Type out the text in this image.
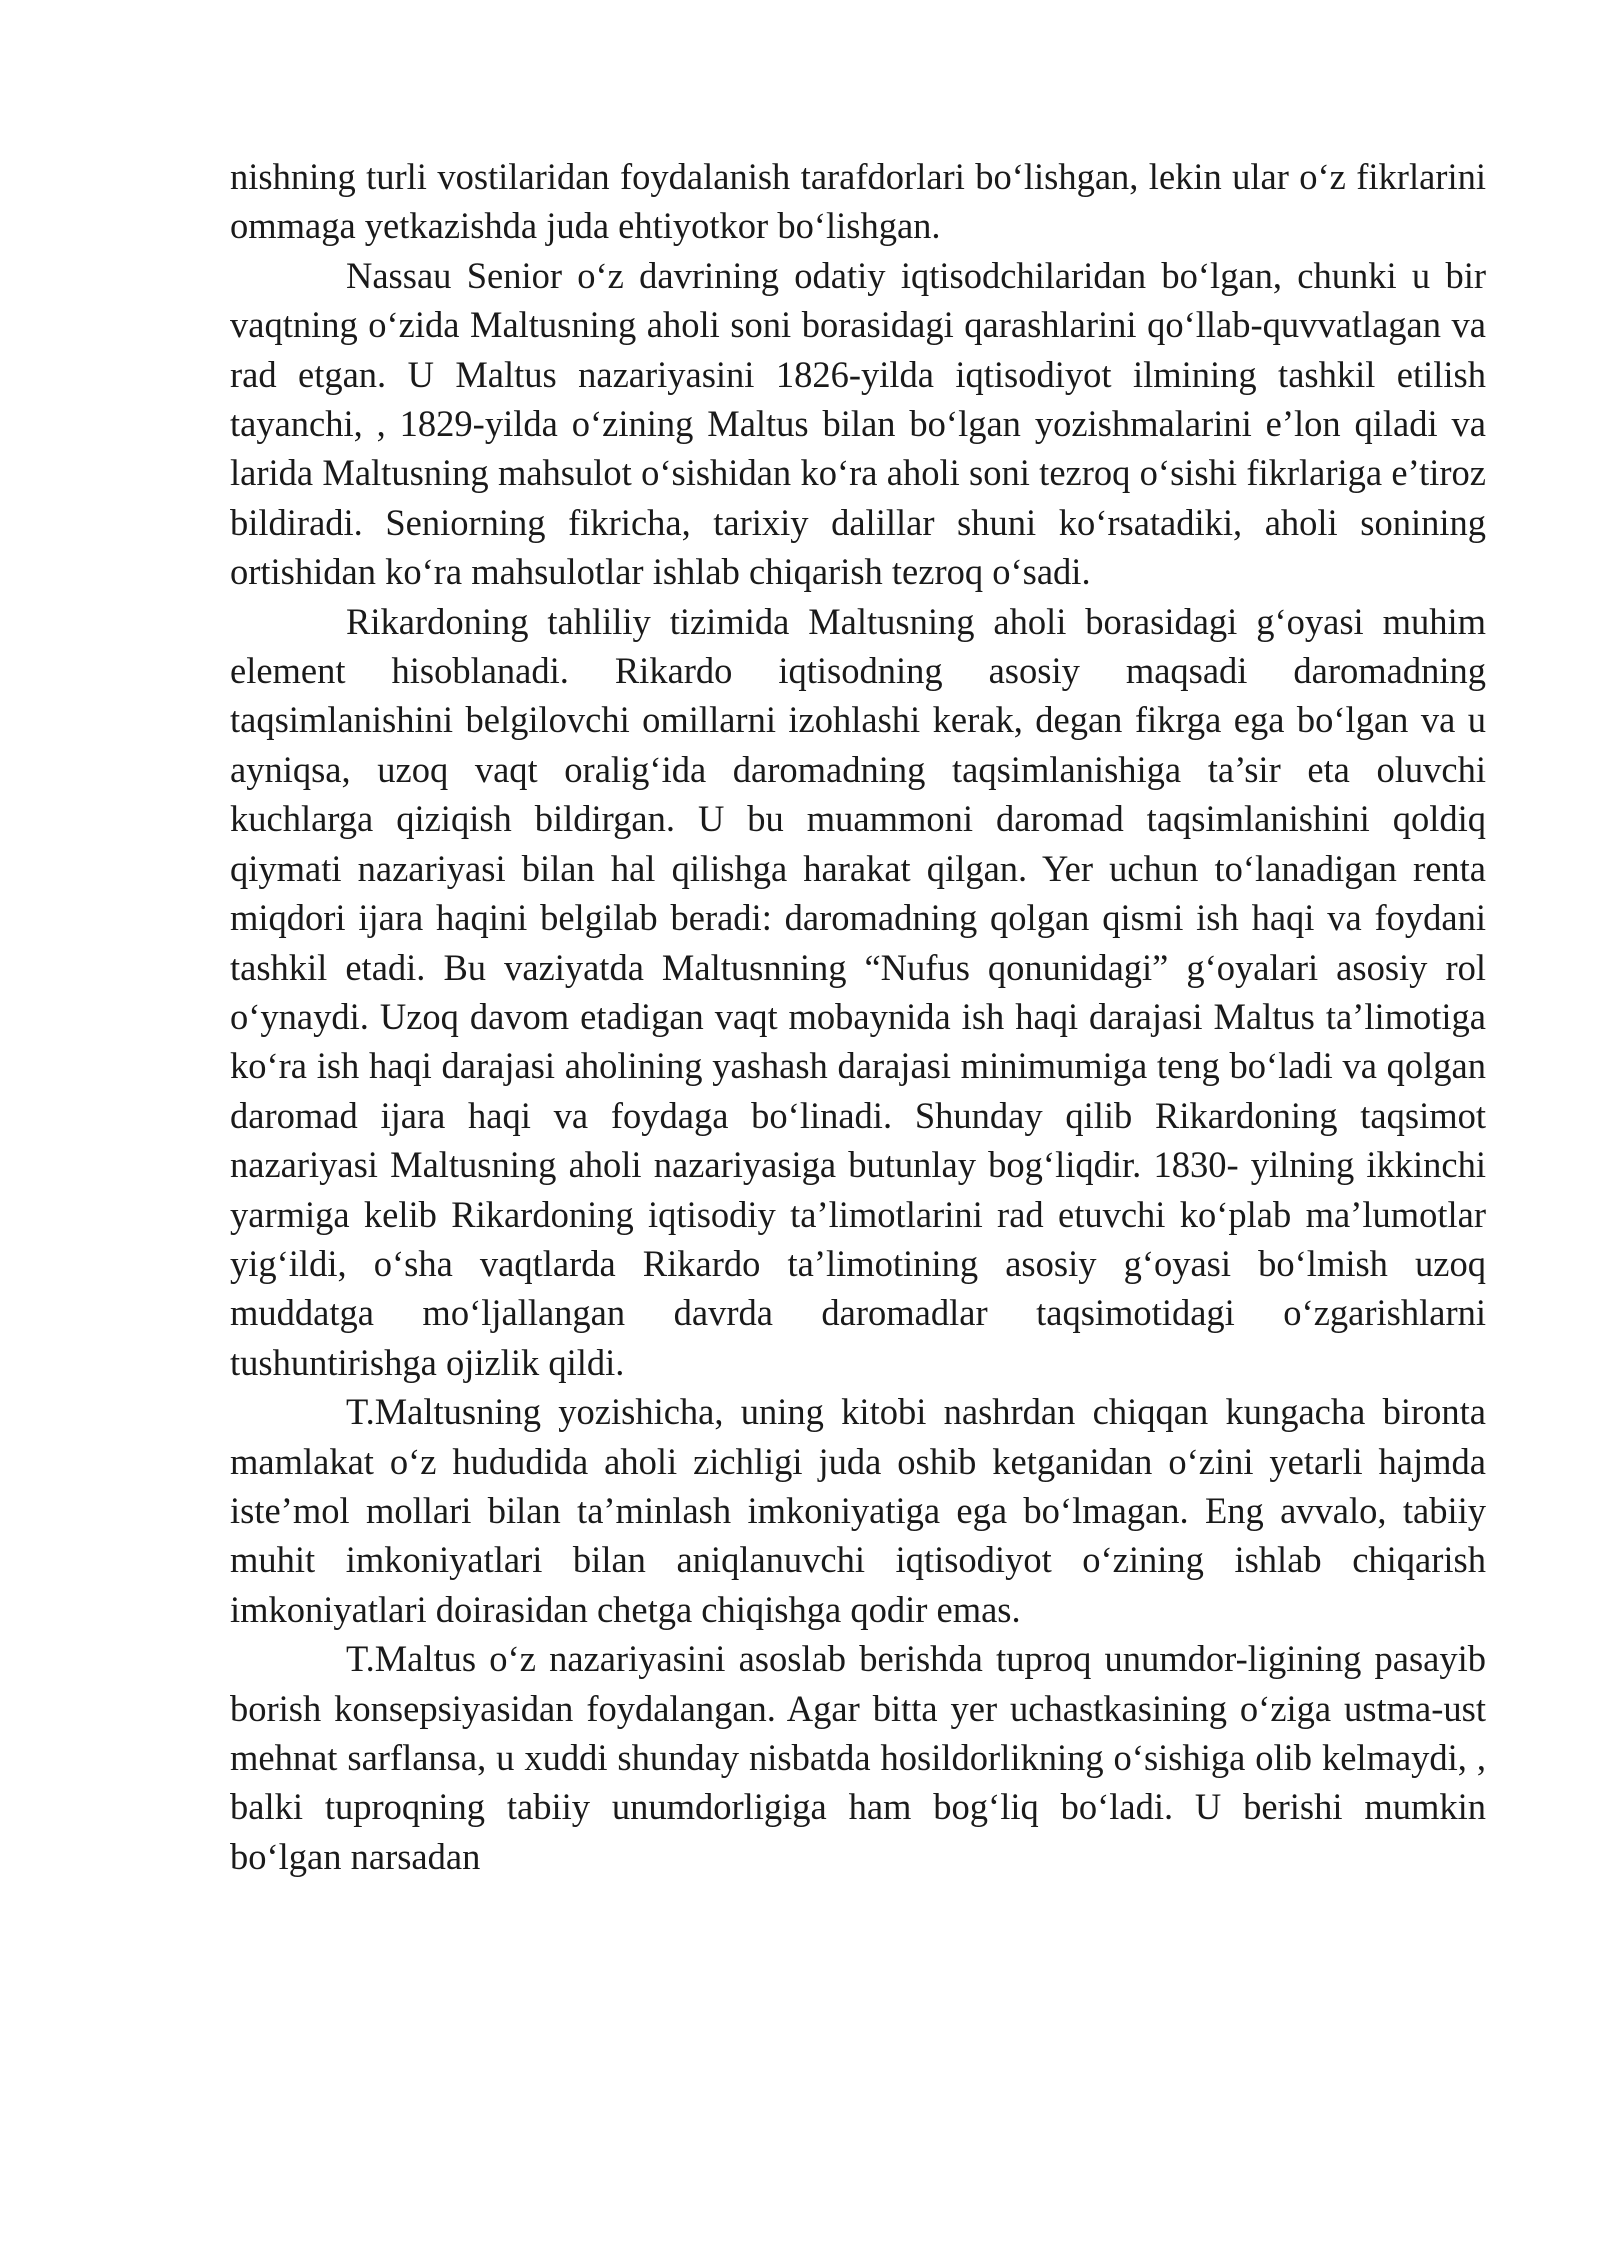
nishning turli vostilaridan foydalanish tarafdorlari bo‘lishgan, lekin ular o‘z fikrlarini ommaga yetkazishda juda ehtiyotkor bo‘lishgan.

Nassau Senior o‘z davrining odatiy iqtisodchilaridan bo‘lgan, chunki u bir vaqtning o‘zida Maltusning aholi soni borasidagi qarashlarini qo‘llab-quvvatlagan va rad etgan. U Maltus nazariyasini 1826-yilda iqtisodiyot ilmining tashkil etilish tayanchi, , 1829-yilda o‘zining Maltus bilan bo‘lgan yozishmalarini e’lon qiladi va larida Maltusning mahsulot o‘sishidan ko‘ra aholi soni tezroq o‘sishi fikrlariga e’tiroz bildiradi. Seniorning fikricha, tarixiy dalillar shuni ko‘rsatadiki, aholi sonining ortishidan ko‘ra mahsulotlar ishlab chiqarish tezroq o‘sadi.

Rikardoning tahliliy tizimida Maltusning aholi borasidagi g‘oyasi muhim element hisoblanadi. Rikardo iqtisodning asosiy maqsadi daromadning taqsimlanishini belgilovchi omillarni izohlashi kerak, degan fikrga ega bo‘lgan va u ayniqsa, uzoq vaqt oralig‘ida daromadning taqsimlanishiga ta’sir eta oluvchi kuchlarga qiziqish bildirgan. U bu muammoni daromad taqsimlanishini qoldiq qiymati nazariyasi bilan hal qilishga harakat qilgan. Yer uchun to‘lanadigan renta miqdori ijara haqini belgilab beradi: daromadning qolgan qismi ish haqi va foydani tashkil etadi. Bu vaziyatda Maltusnning “Nufus qonunidagi” g‘oyalari asosiy rol o‘ynaydi. Uzoq davom etadigan vaqt mobaynida ish haqi darajasi Maltus ta’limotiga ko‘ra ish haqi darajasi aholining yashash darajasi minimumiga teng bo‘ladi va qolgan daromad ijara haqi va foydaga bo‘linadi. Shunday qilib Rikardoning taqsimot nazariyasi Maltusning aholi nazariyasiga butunlay bog‘liqdir. 1830- yilning ikkinchi yarmiga kelib Rikardoning iqtisodiy ta’limotlarini rad etuvchi ko‘plab ma’lumotlar yig‘ildi, o‘sha vaqtlarda Rikardo ta’limotining asosiy g‘oyasi bo‘lmish uzoq muddatga mo‘ljallangan davrda daromadlar taqsimotidagi o‘zgarishlarni tushuntirishga ojizlik qildi.

T.Maltusning yozishicha, uning kitobi nashrdan chiqqan kungacha bironta mamlakat o‘z hududida aholi zichligi juda oshib ketganidan o‘zini yetarli hajmda iste’mol mollari bilan ta’minlash imkoniyatiga ega bo‘lmagan. Eng avvalo, tabiiy muhit imkoniyatlari bilan aniqlanuvchi iqtisodiyot o‘zining ishlab chiqarish imkoniyatlari doirasidan chetga chiqishga qodir emas.

T.Maltus o‘z nazariyasini asoslab berishda tuproq unumdor-ligining pasayib borish konsepsiyasidan foydalangan. Agar bitta yer uchastkasining o‘ziga ustma-ust mehnat sarflansa, u xuddi shunday nisbatda hosildorlikning o‘sishiga olib kelmaydi, , balki tuproqning tabiiy unumdorligiga ham bog‘liq bo‘ladi. U berishi mumkin bo‘lgan narsadan
